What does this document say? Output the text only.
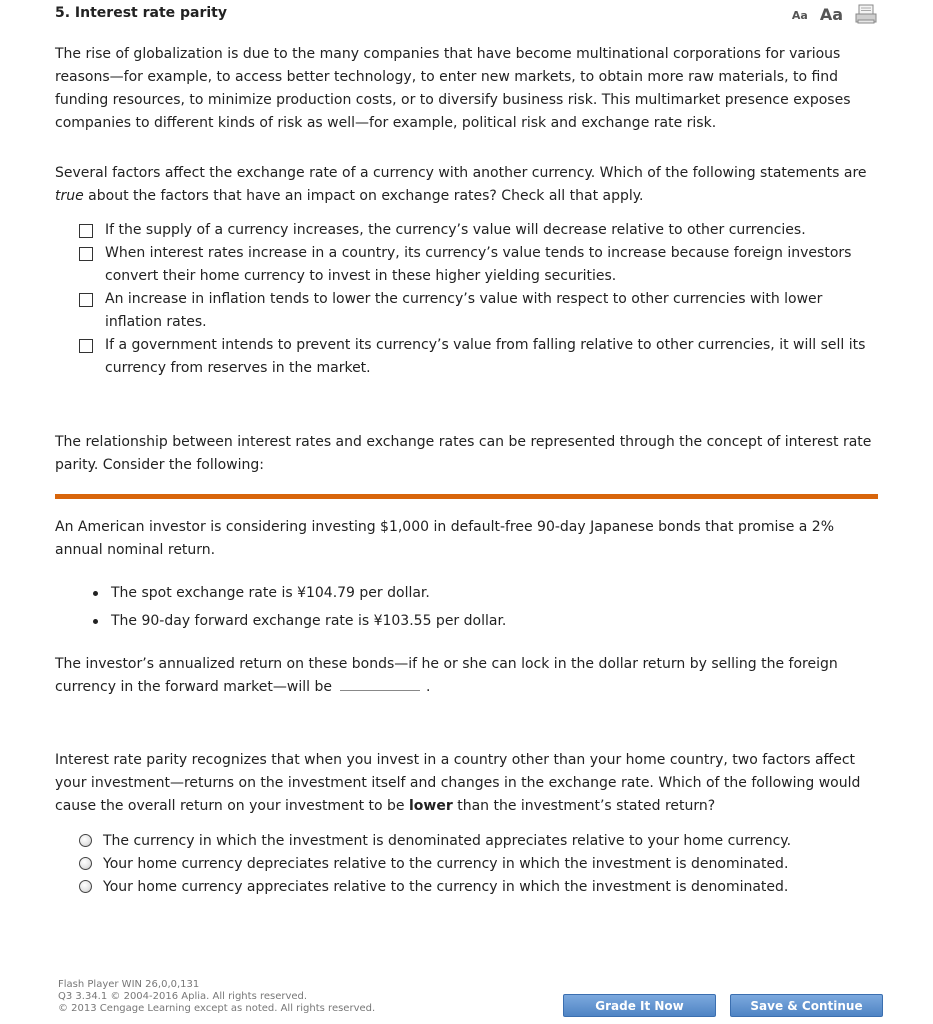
5. Interest rate parity	Aa Aa

The rise of globalization is due to the many companies that have become multinational corporations for various reasons—for example, to access better technology, to enter new markets, to obtain more raw materials, to find funding resources, to minimize production costs, or to diversify business risk. This multimarket presence exposes companies to different kinds of risk as well—for example, political risk and exchange rate risk.

Several factors affect the exchange rate of a currency with another currency. Which of the following statements are true about the factors that have an impact on exchange rates? Check all that apply.

If the supply of a currency increases, the currency’s value will decrease relative to other currencies.
When interest rates increase in a country, its currency’s value tends to increase because foreign investors convert their home currency to invest in these higher yielding securities.
An increase in inflation tends to lower the currency’s value with respect to other currencies with lower inflation rates.
If a government intends to prevent its currency’s value from falling relative to other currencies, it will sell its currency from reserves in the market.

The relationship between interest rates and exchange rates can be represented through the concept of interest rate parity. Consider the following:

An American investor is considering investing $1,000 in default-free 90-day Japanese bonds that promise a 2% annual nominal return.

The spot exchange rate is ¥104.79 per dollar.
The 90-day forward exchange rate is ¥103.55 per dollar.

The investor’s annualized return on these bonds—if he or she can lock in the dollar return by selling the foreign currency in the forward market—will be	.

Interest rate parity recognizes that when you invest in a country other than your home country, two factors affect your investment—returns on the investment itself and changes in the exchange rate. Which of the following would cause the overall return on your investment to be lower than the investment’s stated return?

The currency in which the investment is denominated appreciates relative to your home currency.
Your home currency depreciates relative to the currency in which the investment is denominated.
Your home currency appreciates relative to the currency in which the investment is denominated.
Flash Player WIN 26,0,0,131
Q3 3.34.1 © 2004-2016 Aplia. All rights reserved.
© 2013 Cengage Learning except as noted. All rights reserved.	Grade It Now	Save & Continue
